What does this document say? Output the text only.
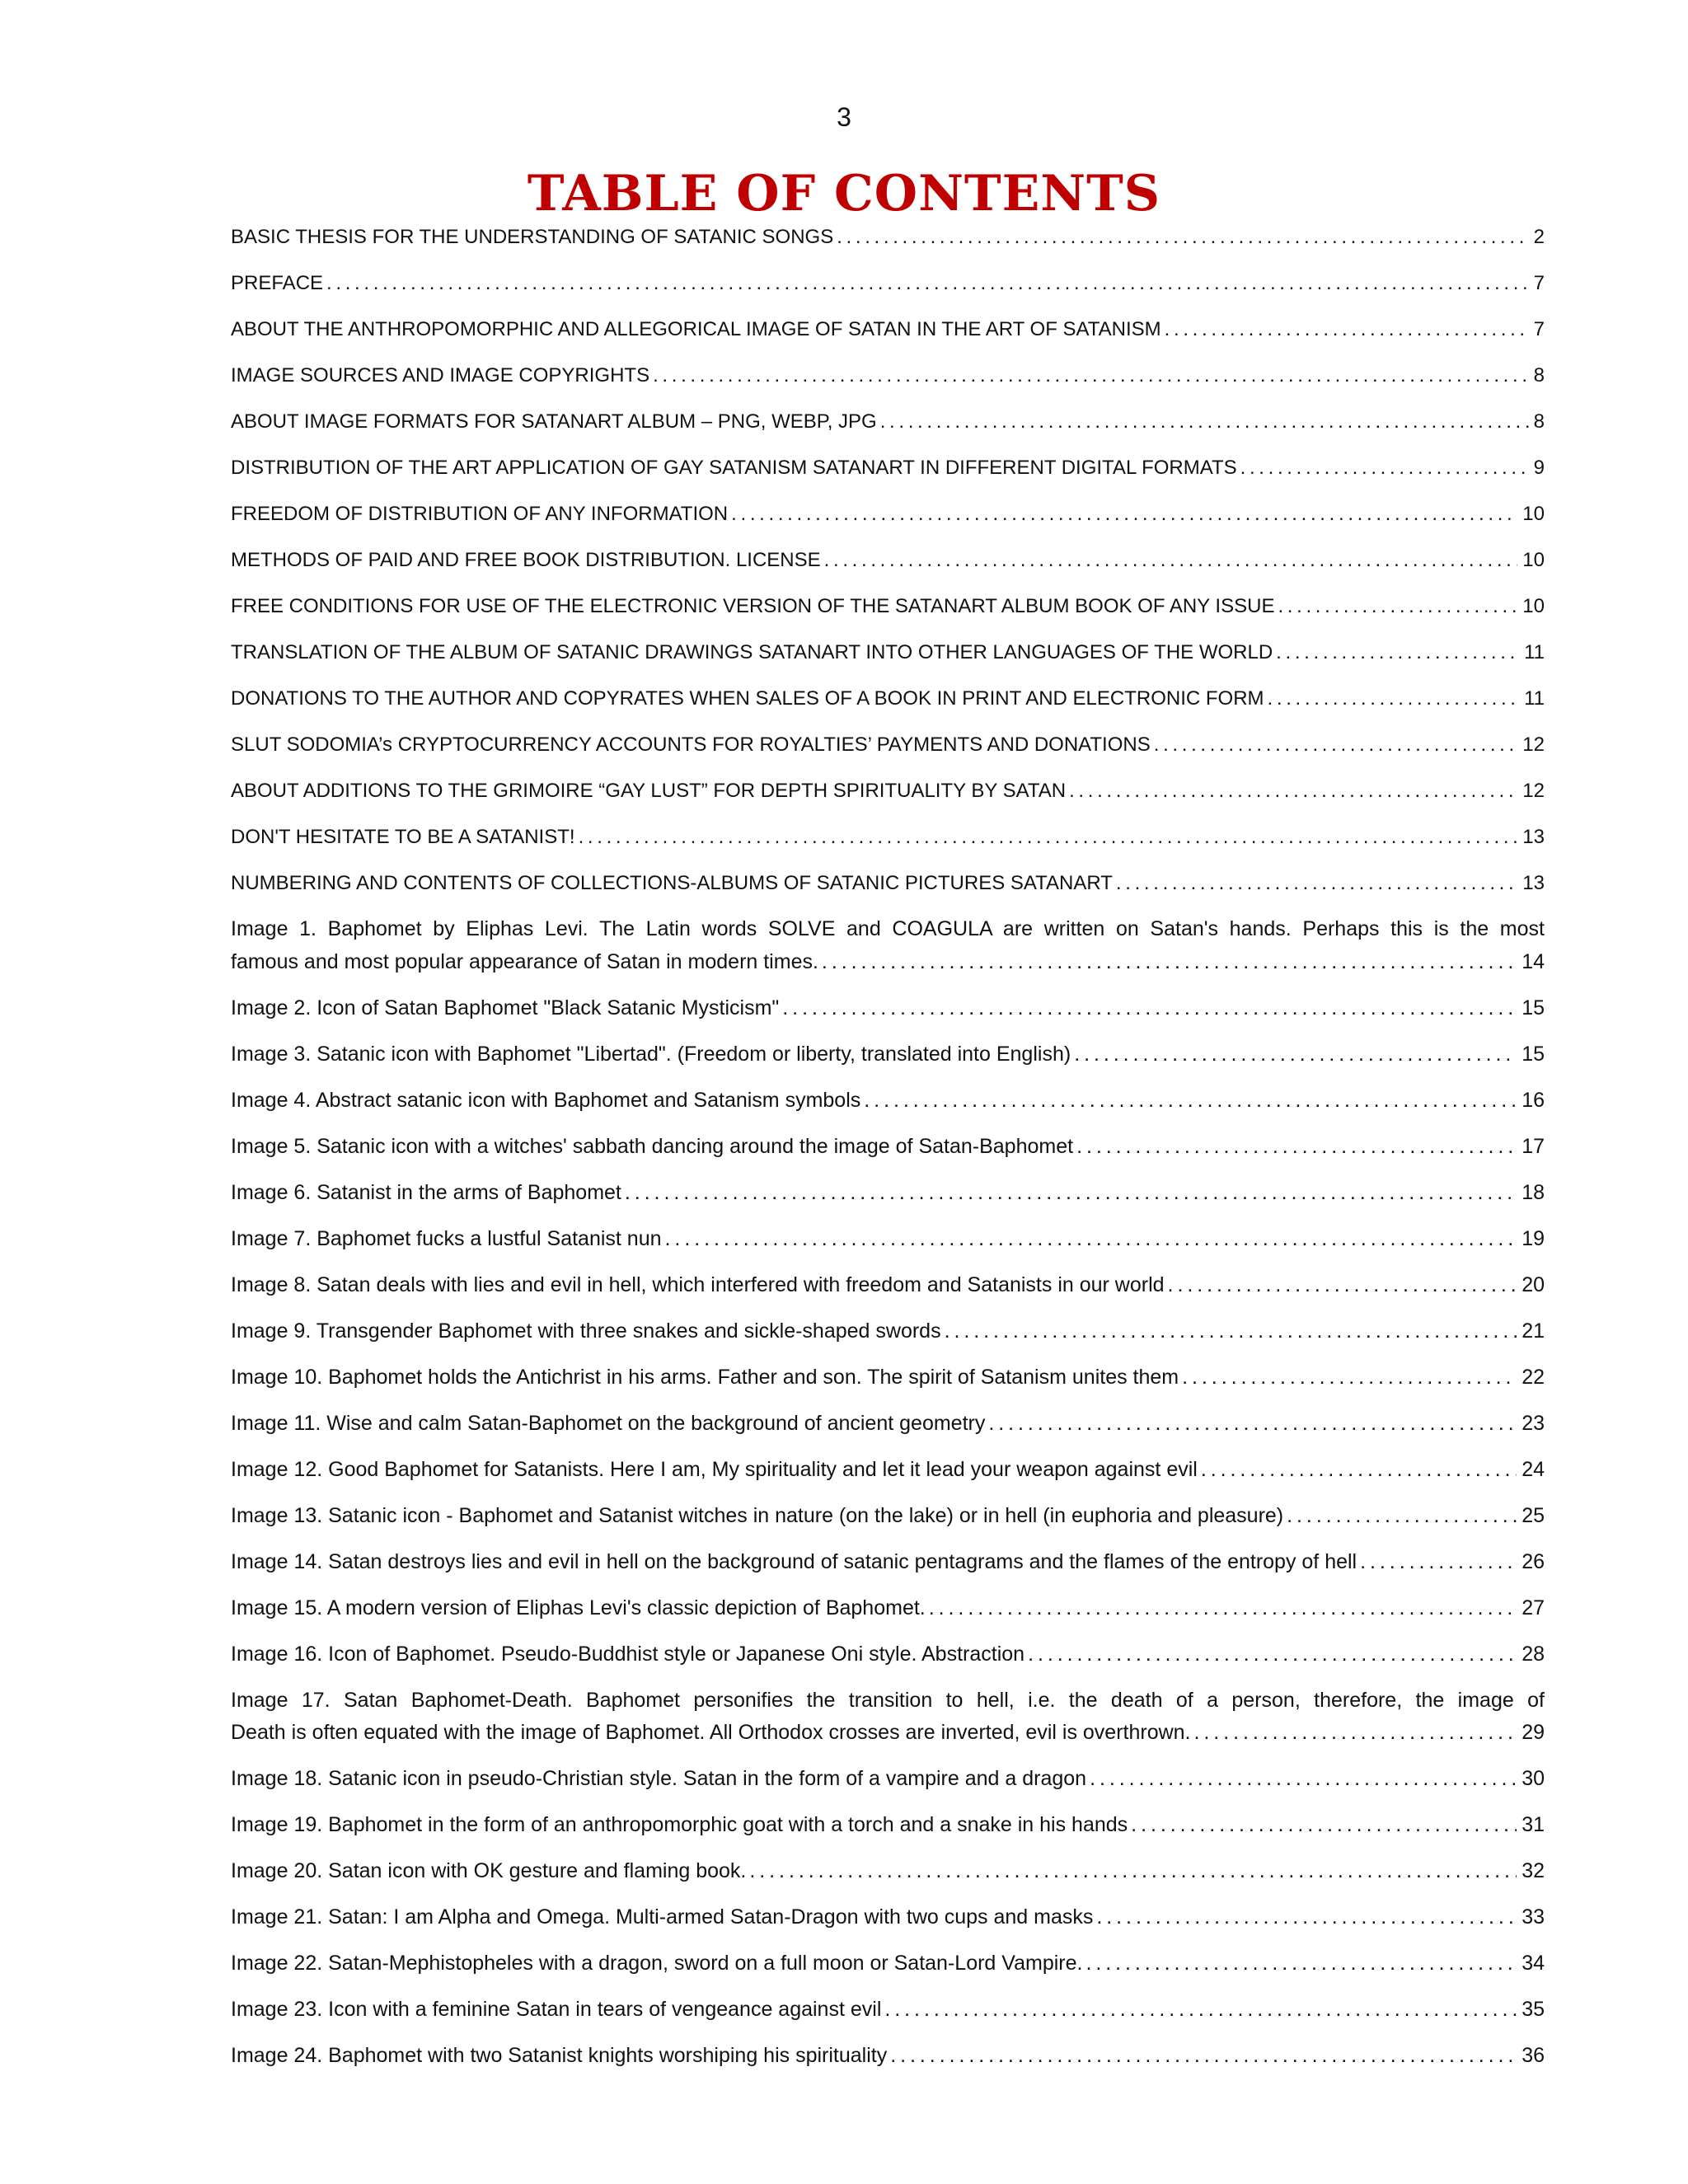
3
TABLE OF CONTENTS
BASIC THESIS FOR THE UNDERSTANDING OF SATANIC SONGS . . .	2
PREFACE . . .	7
ABOUT THE ANTHROPOMORPHIC AND ALLEGORICAL IMAGE OF SATAN IN THE ART OF SATANISM . . .	7
IMAGE SOURCES AND IMAGE COPYRIGHTS . . .	8
ABOUT IMAGE FORMATS FOR SATANART ALBUM – PNG, WEBP, JPG . . .	8
DISTRIBUTION OF THE ART APPLICATION OF GAY SATANISM SATANART IN DIFFERENT DIGITAL FORMATS . . .	9
FREEDOM OF DISTRIBUTION OF ANY INFORMATION . . .	10
METHODS OF PAID AND FREE BOOK DISTRIBUTION. LICENSE . . .	10
FREE CONDITIONS FOR USE OF THE ELECTRONIC VERSION OF THE SATANART ALBUM BOOK OF ANY ISSUE . . .	10
TRANSLATION OF THE ALBUM OF SATANIC DRAWINGS SATANART INTO OTHER LANGUAGES OF THE WORLD . . .	11
DONATIONS TO THE AUTHOR AND COPYRATES WHEN SALES OF A BOOK IN PRINT AND ELECTRONIC FORM . . .	11
SLUT SODOMIA’s CRYPTOCURRENCY ACCOUNTS FOR ROYALTIES’ PAYMENTS AND DONATIONS . . .	12
ABOUT ADDITIONS TO THE GRIMOIRE “GAY LUST” FOR DEPTH SPIRITUALITY BY SATAN . . .	12
DON'T HESITATE TO BE A SATANIST! . . .	13
NUMBERING AND CONTENTS OF COLLECTIONS-ALBUMS OF SATANIC PICTURES SATANART . . .	13
Image 1. Baphomet by Eliphas Levi. The Latin words SOLVE and COAGULA are written on Satan's hands. Perhaps this is the most
famous and most popular appearance of Satan in modern times. . . .	14
Image 2. Icon of Satan Baphomet "Black Satanic Mysticism" . . .	15
Image 3. Satanic icon with Baphomet "Libertad". (Freedom or liberty, translated into English) . . .	15
Image 4. Abstract satanic icon with Baphomet and Satanism symbols . . .	16
Image 5. Satanic icon with a witches' sabbath dancing around the image of Satan-Baphomet . . .	17
Image 6. Satanist in the arms of Baphomet . . .	18
Image 7. Baphomet fucks a lustful Satanist nun . . .	19
Image 8. Satan deals with lies and evil in hell, which interfered with freedom and Satanists in our world . . .	20
Image 9. Transgender Baphomet with three snakes and sickle-shaped swords . . .	21
Image 10. Baphomet holds the Antichrist in his arms. Father and son. The spirit of Satanism unites them . . .	22
Image 11. Wise and calm Satan-Baphomet on the background of ancient geometry . . .	23
Image 12. Good Baphomet for Satanists. Here I am, My spirituality and let it lead your weapon against evil . . .	24
Image 13. Satanic icon - Baphomet and Satanist witches in nature (on the lake) or in hell (in euphoria and pleasure) . . .	25
Image 14. Satan destroys lies and evil in hell on the background of satanic pentagrams and the flames of the entropy of hell . . .	26
Image 15. A modern version of Eliphas Levi's classic depiction of Baphomet. . . .	27
Image 16. Icon of Baphomet. Pseudo-Buddhist style or Japanese Oni style. Abstraction . . .	28
Image 17. Satan Baphomet-Death. Baphomet personifies the transition to hell, i.e. the death of a person, therefore, the image of
Death is often equated with the image of Baphomet. All Orthodox crosses are inverted, evil is overthrown. . . .	29
Image 18. Satanic icon in pseudo-Christian style. Satan in the form of a vampire and a dragon . . .	30
Image 19. Baphomet in the form of an anthropomorphic goat with a torch and a snake in his hands . . .	31
Image 20. Satan icon with OK gesture and flaming book. . . .	32
Image 21. Satan: I am Alpha and Omega. Multi-armed Satan-Dragon with two cups and masks . . .	33
Image 22. Satan-Mephistopheles with a dragon, sword on a full moon or Satan-Lord Vampire. . . .	34
Image 23. Icon with a feminine Satan in tears of vengeance against evil . . .	35
Image 24. Baphomet with two Satanist knights worshiping his spirituality . . .	36
